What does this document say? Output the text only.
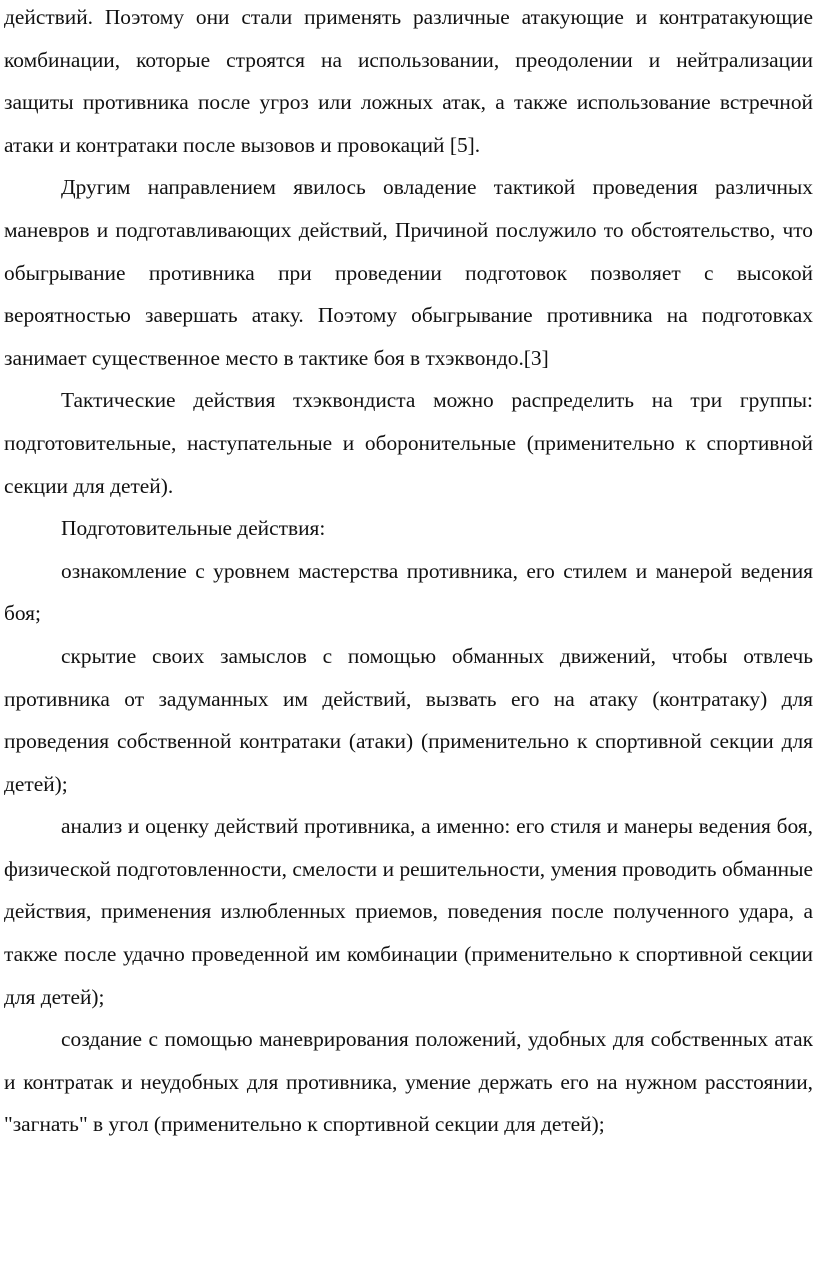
действий. Поэтому они стали применять различные атакующие и контратакующие комбинации, которые строятся на использовании, преодолении и нейтрализации защиты противника после угроз или ложных атак, а также использование встречной атаки и контратаки после вызовов и провокаций [5].

Другим направлением явилось овладение тактикой проведения различных маневров и подготавливающих действий, Причиной послужило то обстоятельство, что обыгрывание противника при проведении подготовок позволяет с высокой вероятностью завершать атаку. Поэтому обыгрывание противника на подготовках занимает существенное место в тактике боя в тхэквондо.[3]

Тактические действия тхэквондиста можно распределить на три группы: подготовительные, наступательные и оборонительные (применительно к спортивной секции для детей).

Подготовительные действия:

ознакомление с уровнем мастерства противника, его стилем и манерой ведения боя;

скрытие своих замыслов с помощью обманных движений, чтобы отвлечь противника от задуманных им действий, вызвать его на атаку (контратаку) для проведения собственной контратаки (атаки) (применительно к спортивной секции для детей);

анализ и оценку действий противника, а именно: его стиля и манеры ведения боя, физической подготовленности, смелости и решительности, умения проводить обманные действия, применения излюбленных приемов, поведения после полученного удара, а также после удачно проведенной им комбинации (применительно к спортивной секции для детей);

создание с помощью маневрирования положений, удобных для собственных атак и контратак и неудобных для противника, умение держать его на нужном расстоянии, "загнать" в угол (применительно к спортивной секции для детей);
